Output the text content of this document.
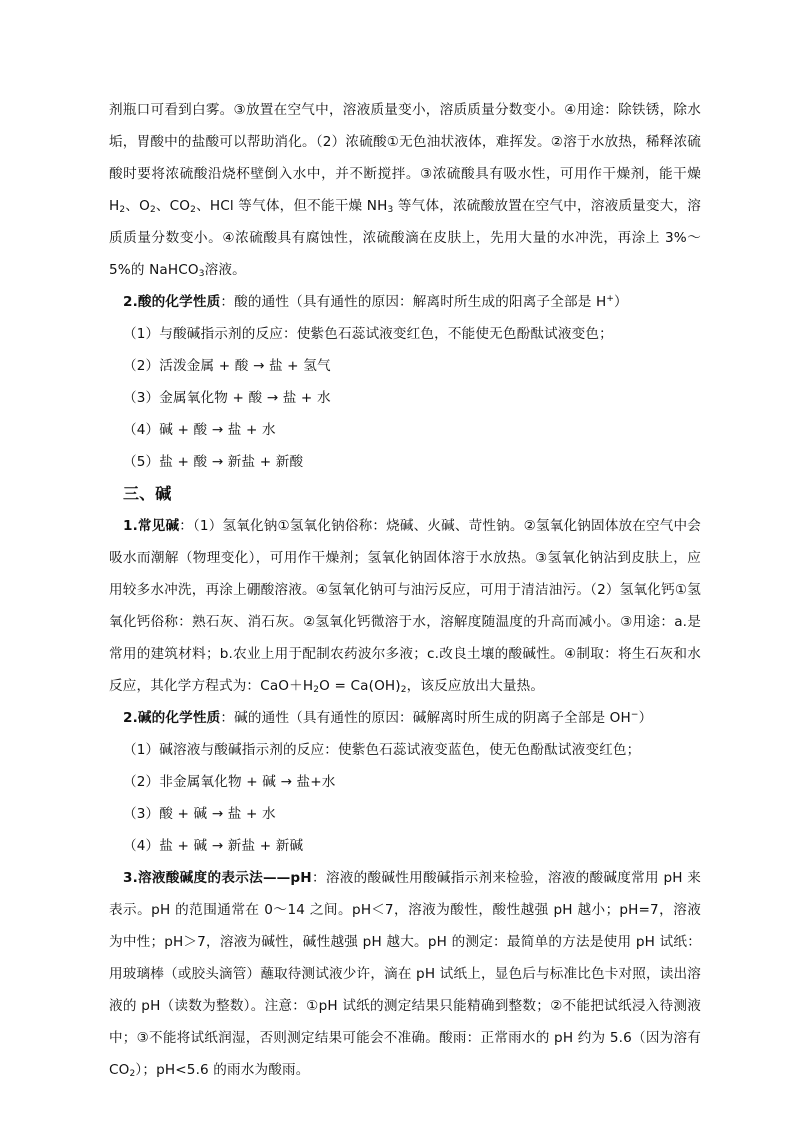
剂瓶口可看到白雾。③放置在空气中，溶液质量变小，溶质质量分数变小。④用途：除铁锈，除水垢，胃酸中的盐酸可以帮助消化。（2）浓硫酸①无色油状液体，难挥发。②溶于水放热，稀释浓硫酸时要将浓硫酸沿烧杯壁倒入水中，并不断搅拌。③浓硫酸具有吸水性，可用作干燥剂，能干燥 $H_2$、$O_2$、$CO_2$、HCl 等气体，但不能干燥 $NH_3$ 等气体，浓硫酸放置在空气中，溶液质量变大，溶质质量分数变小。④浓硫酸具有腐蚀性，浓硫酸滴在皮肤上，先用大量的水冲洗，再涂上 3%～5%的 NaHCO$_3$溶液。

2.酸的化学性质：酸的通性（具有通性的原因：解离时所生成的阳离子全部是 H+）

（1）与酸碱指示剂的反应：使紫色石蕊试液变红色，不能使无色酚酞试液变色；

（2）活泼金属 + 酸 → 盐 + 氢气

（3）金属氧化物 + 酸 → 盐 + 水

（4）碱 + 酸 → 盐 + 水

（5）盐 + 酸 → 新盐 + 新酸

三、碱

1.常见碱：（1）氢氧化钠①氢氧化钠俗称：烧碱、火碱、苛性钠。②氢氧化钠固体放在空气中会吸水而潮解（物理变化），可用作干燥剂；氢氧化钠固体溶于水放热。③氢氧化钠沾到皮肤上，应用较多水冲洗，再涂上硼酸溶液。④氢氧化钠可与油污反应，可用于清洁油污。（2）氢氧化钙①氢氧化钙俗称：熟石灰、消石灰。②氢氧化钙微溶于水，溶解度随温度的升高而减小。③用途：a.是常用的建筑材料；b.农业上用于配制农药波尔多液；c.改良土壤的酸碱性。④制取：将生石灰和水反应，其化学方程式为：$CaO+H_2O = Ca(OH)_2$，该反应放出大量热。

2.碱的化学性质：碱的通性（具有通性的原因：碱解离时所生成的阴离子全部是 OH−）

（1）碱溶液与酸碱指示剂的反应：使紫色石蕊试液变蓝色，使无色酚酞试液变红色；

（2）非金属氧化物 + 碱 → 盐+水

（3）酸 + 碱 → 盐 + 水

（4）盐 + 碱 → 新盐 + 新碱

3.溶液酸碱度的表示法——pH：溶液的酸碱性用酸碱指示剂来检验，溶液的酸碱度常用 pH 来表示。pH 的范围通常在 0～14 之间。pH＜7，溶液为酸性，酸性越强 pH 越小；pH=7，溶液为中性；pH＞7，溶液为碱性，碱性越强 pH 越大。pH 的测定：最简单的方法是使用 pH 试纸：用玻璃棒（或胶头滴管）蘸取待测试液少许，滴在 pH 试纸上，显色后与标准比色卡对照，读出溶液的 pH（读数为整数）。注意：①pH 试纸的测定结果只能精确到整数；②不能把试纸浸入待测液中；③不能将试纸润湿，否则测定结果可能会不准确。酸雨：正常雨水的 pH 约为 5.6（因为溶有 $CO_2$）；pH<5.6 的雨水为酸雨。
